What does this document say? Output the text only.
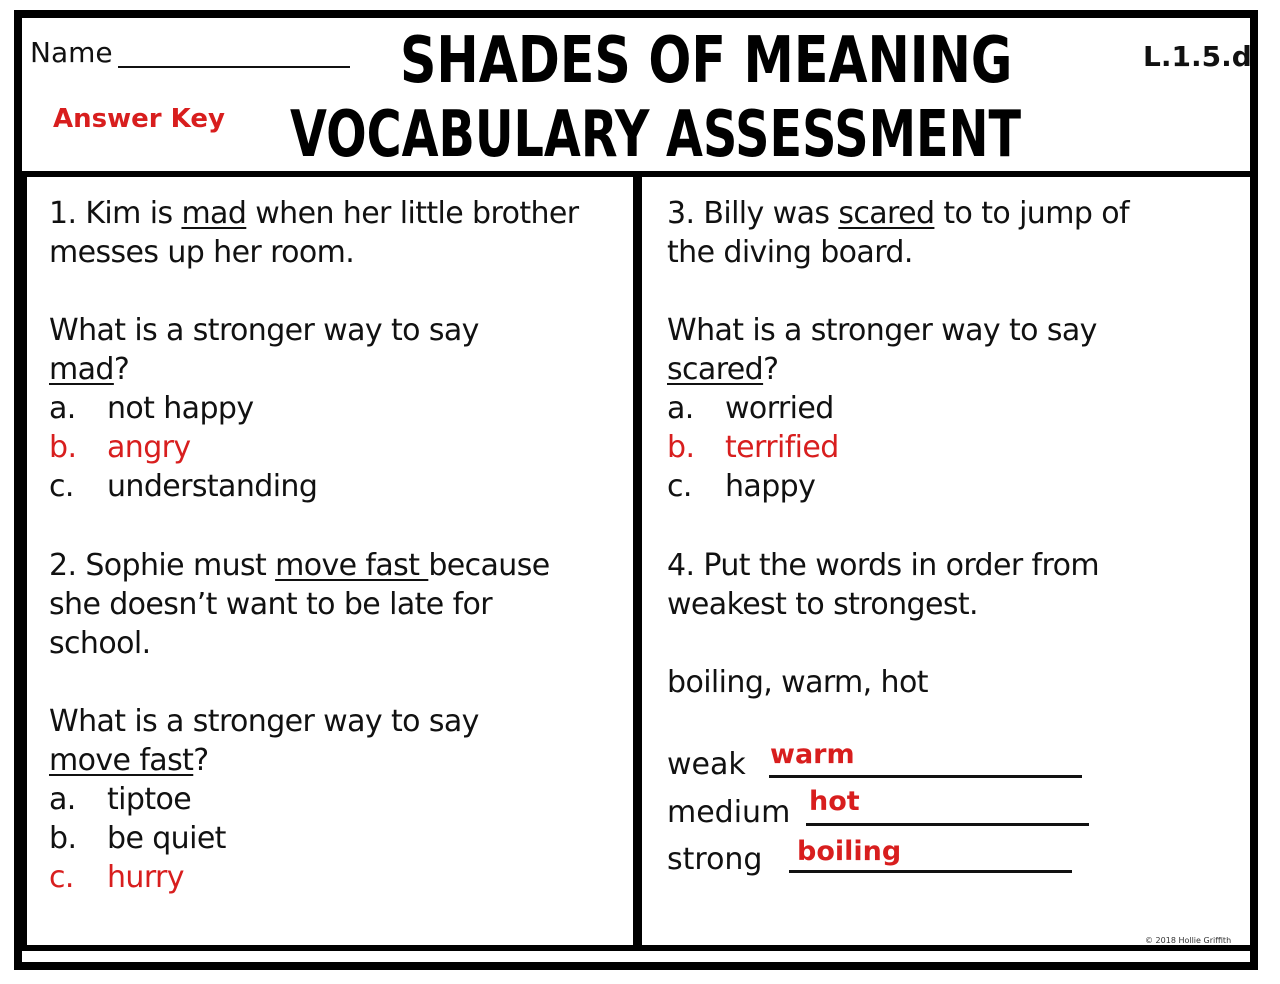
Name
Answer Key
L.1.5.d
SHADES OF MEANING
VOCABULARY ASSESSMENT
1. Kim is mad when her little brother
messes up her room.
What is a stronger way to say
mad?
a. not happy
b. angry
c. understanding
2. Sophie must move fast because
she doesn’t want to be late for
school.
What is a stronger way to say
move fast?
a. tiptoe
b. be quiet
c. hurry
3. Billy was scared to to jump of
the diving board.
What is a stronger way to say
scared?
a. worried
b. terrified
c. happy
4. Put the words in order from
weakest to strongest.
boiling, warm, hot
weak warm
medium hot
strong boiling
© 2018 Hollie Griffith
